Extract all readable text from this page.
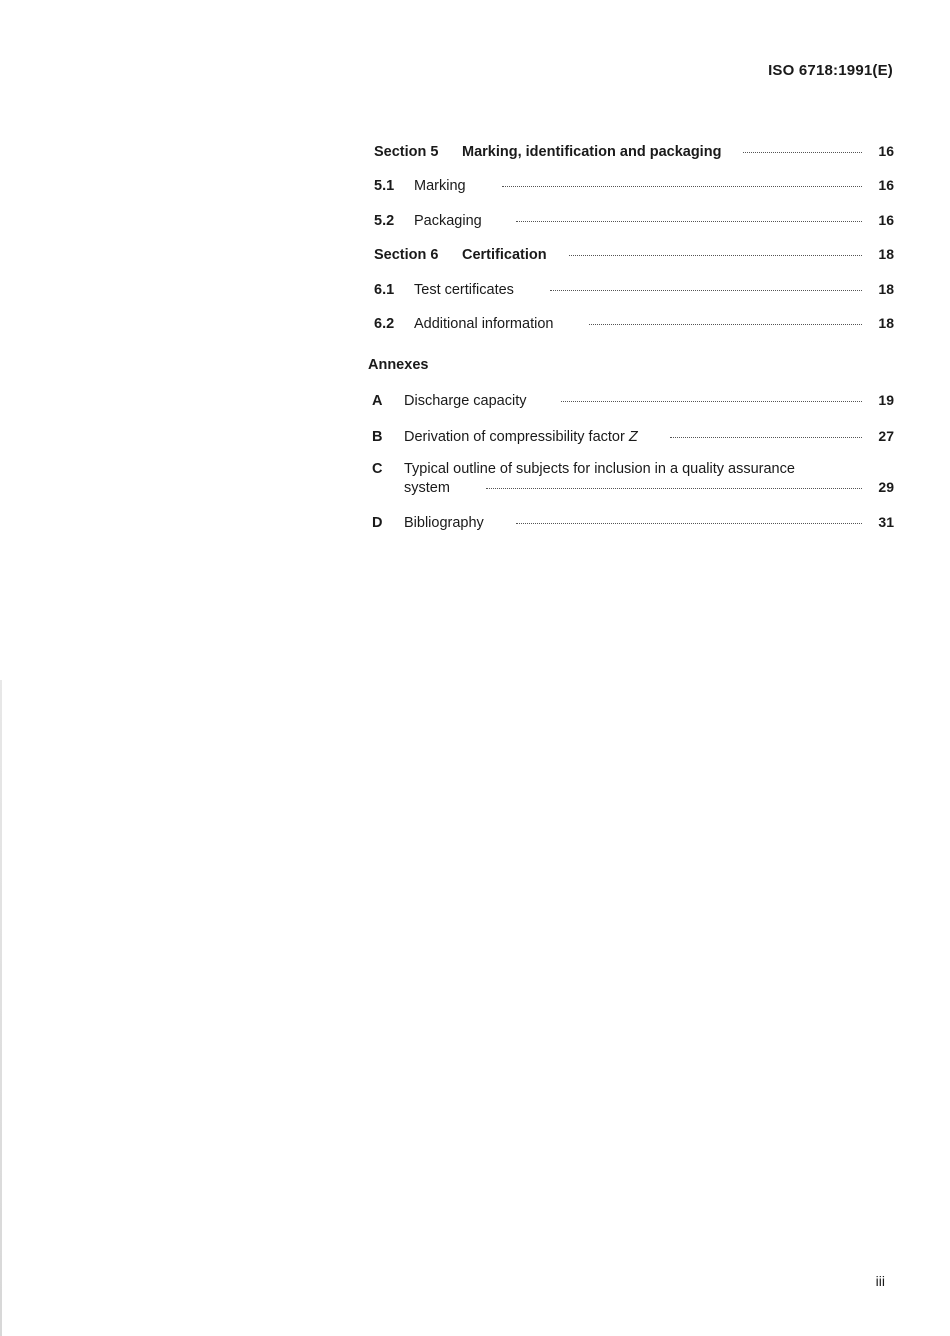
ISO 6718:1991(E)
Section 5	Marking, identification and packaging	16
5.1	Marking	16
5.2	Packaging	16
Section 6	Certification	18
6.1	Test certificates	18
6.2	Additional information	18
Annexes
A	Discharge capacity	19
B	Derivation of compressibility factor Z	27
C	Typical outline of subjects for inclusion in a quality assurance
system	29
D	Bibliography	31
iii
